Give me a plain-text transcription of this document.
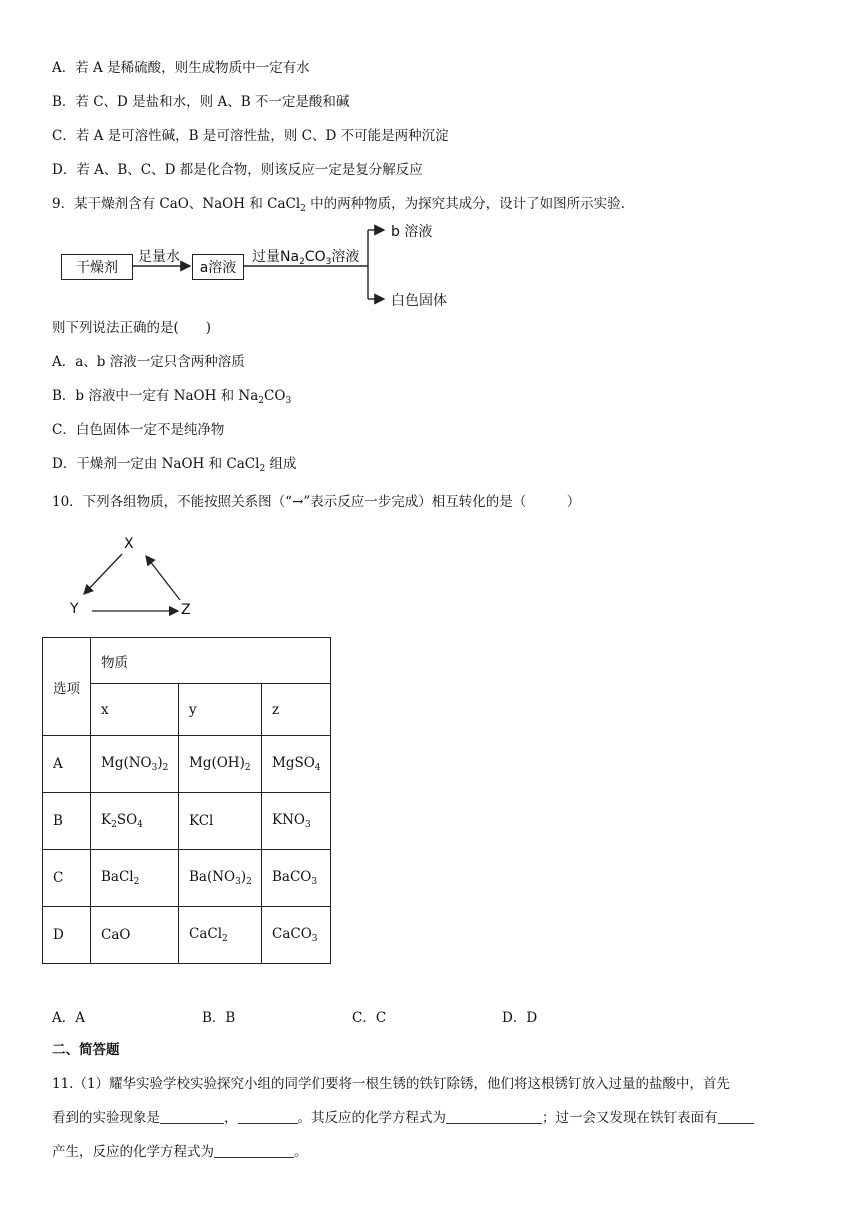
A．若 A 是稀硫酸，则生成物质中一定有水
B．若 C、D 是盐和水，则 A、B 不一定是酸和碱
C．若 A 是可溶性碱，B 是可溶性盐，则 C、D 不可能是两种沉淀
D．若 A、B、C、D 都是化合物，则该反应一定是复分解反应
9．某干燥剂含有 CaO、NaOH 和 CaCl$_2$ 中的两种物质，为探究其成分，设计了如图所示实验.
干燥剂
足量水
a溶液
过量$Na_2CO_3$溶液
b 溶液
白色固体
则下列说法正确的是(　　)
A．a、b 溶液一定只含两种溶质
B．b 溶液中一定有 NaOH 和 $Na_2CO_3$
C．白色固体一定不是纯净物
D．干燥剂一定由 NaOH 和 CaCl$_2$ 组成
10．下列各组物质，不能按照关系图（“→”表示反应一步完成）相互转化的是（　　　）
X
Y	Z
选项	物质		
	x	y	z
A	$Mg(NO_3)_2$	$Mg(OH)_2$	MgSO$_4$
B	$K_2SO_4$	KCl	$KNO_3$
C	BaCl$_2$	$Ba(NO_3)_2$	BaCO$_3$
D	CaO	CaCl$_2$	CaCO$_3$
A．A	B．B	C．C	D．D
二、简答题
11.（1）耀华实验学校实验探究小组的同学们要将一根生锈的铁钉除锈，他们将这根锈钉放入过量的盐酸中，首先
看到的实验现象是	，	。其反应的化学方程式为	；过一会又发现在铁钉表面有
产生，反应的化学方程式为	。
